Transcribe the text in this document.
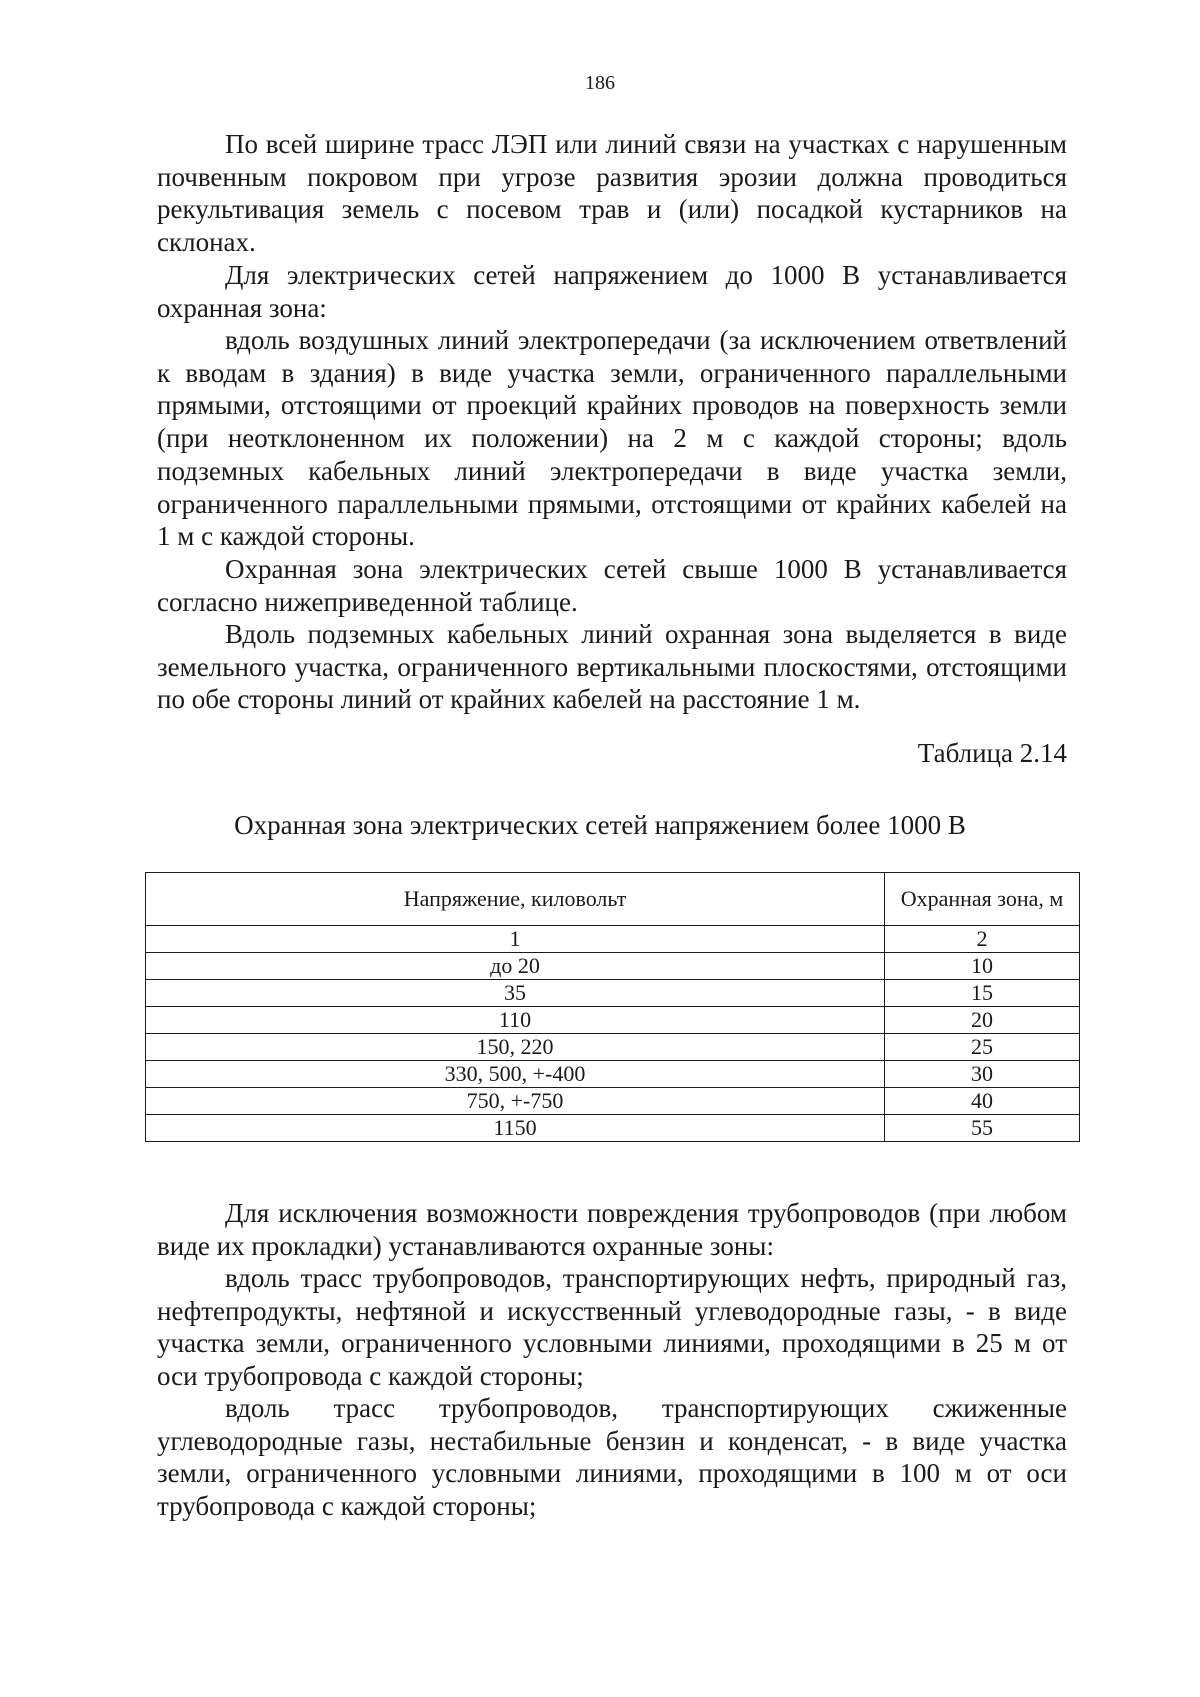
186

По всей ширине трасс ЛЭП или линий связи на участках с нарушенным почвенным покровом при угрозе развития эрозии должна проводиться рекультивация земель с посевом трав и (или) посадкой кустарников на склонах.

Для электрических сетей напряжением до 1000 В устанавливается охранная зона:

вдоль воздушных линий электропередачи (за исключением ответвлений к вводам в здания) в виде участка земли, ограниченного параллельными прямыми, отстоящими от проекций крайних проводов на поверхность земли (при неотклоненном их положении) на 2 м с каждой стороны; вдоль подземных кабельных линий электропередачи в виде участка земли, ограниченного параллельными прямыми, отстоящими от крайних кабелей на 1 м с каждой стороны.

Охранная зона электрических сетей свыше 1000 В устанавливается согласно нижеприведенной таблице.

Вдоль подземных кабельных линий охранная зона выделяется в виде земельного участка, ограниченного вертикальными плоскостями, отстоящими по обе стороны линий от крайних кабелей на расстояние 1 м.

Таблица 2.14
Охранная зона электрических сетей напряжением более 1000 В
Напряжение, киловольт	Охранная зона, м
1	2
до 20	10
35	15
110	20
150, 220	25
330, 500, +-400	30
750, +-750	40
1150	55

Для исключения возможности повреждения трубопроводов (при любом виде их прокладки) устанавливаются охранные зоны:

вдоль трасс трубопроводов, транспортирующих нефть, природный газ, нефтепродукты, нефтяной и искусственный углеводородные газы, - в виде участка земли, ограниченного условными линиями, проходящими в 25 м от оси трубопровода с каждой стороны;

вдоль трасс трубопроводов, транспортирующих сжиженные углеводородные газы, нестабильные бензин и конденсат, - в виде участка земли, ограниченного условными линиями, проходящими в 100 м от оси трубопровода с каждой стороны;
